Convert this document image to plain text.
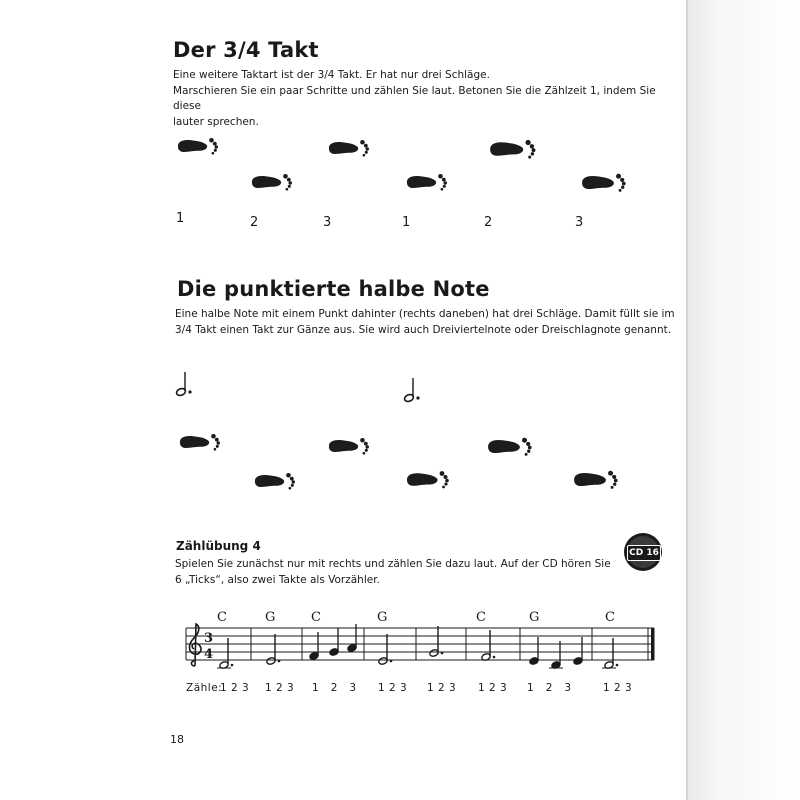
Der 3/4 Takt
Eine weitere Taktart ist der 3/4 Takt. Er hat nur drei Schläge.
Marschieren Sie ein paar Schritte und zählen Sie laut. Betonen Sie die Zählzeit 1, indem Sie diese
lauter sprechen.
1	2	3	1	2	3
Die punktierte halbe Note
Eine halbe Note mit einem Punkt dahinter (rechts daneben) hat drei Schläge. Damit füllt sie im
3/4 Takt einen Takt zur Gänze aus. Sie wird auch Dreiviertelnote oder Dreischlagnote genannt.
Zählübung 4	CD 16
Spielen Sie zunächst nur mit rechts und zählen Sie dazu laut. Auf der CD hören Sie
6 „Ticks“, also zwei Takte als Vorzähler.
C	G	C	G	C	G	C
3
4
Zähle:
1 2 3 1 2 3 1   2   3 1 2 3 1 2 3 1 2 3 1   2   3	1 2 3
18
